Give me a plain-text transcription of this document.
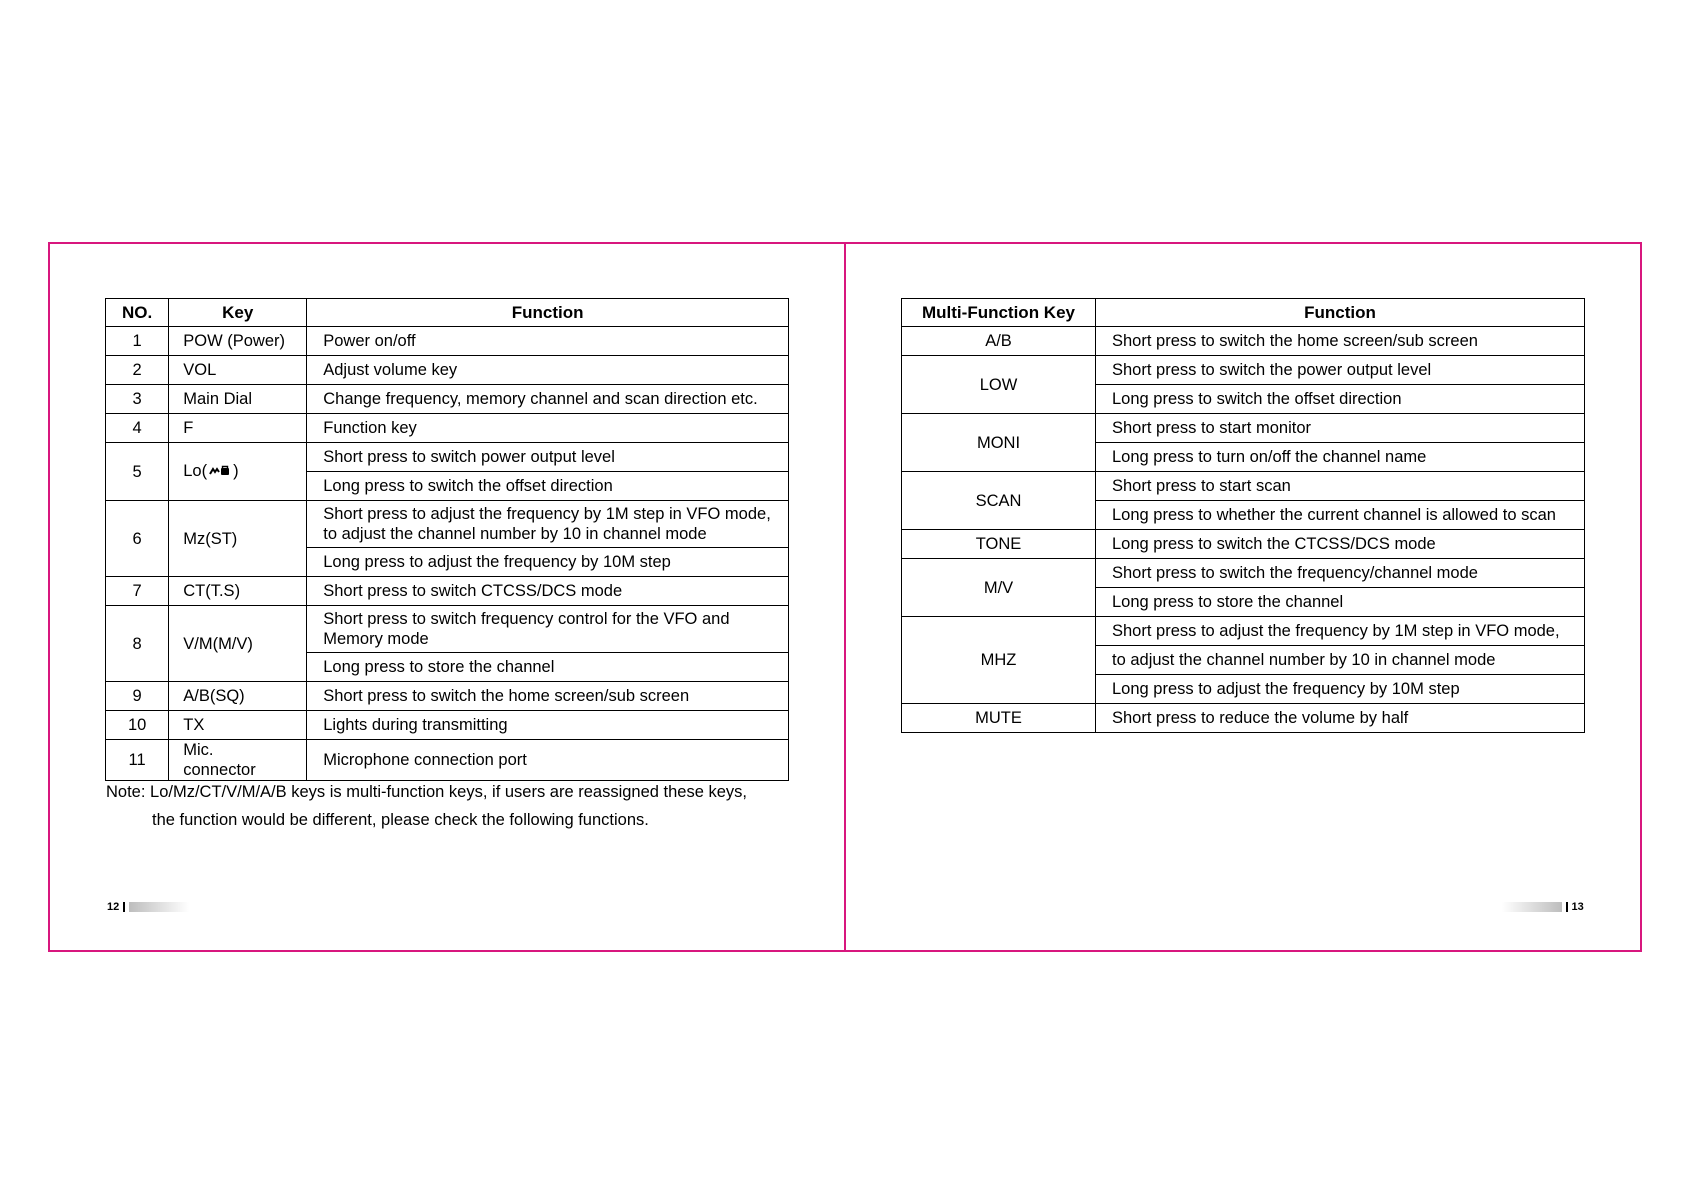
NO.	Key	Function
1	POW (Power)	Power on/off
2	VOL	Adjust volume key
3	Main Dial	Change frequency, memory channel and scan direction etc.
4	F	Function key
5	Lo( )	Short press to switch power output level
		Long press to switch the offset direction
6	Mz(ST)	Short press to adjust the frequency by 1M step in VFO mode,
to adjust the channel number by 10 in channel mode

		Long press to adjust the frequency by 10M step
7	CT(T.S)	Short press to switch CTCSS/DCS mode
8	V/M(M/V)	Short press to switch frequency control for the VFO and
Memory mode

		Long press to store the channel
9	A/B(SQ)	Short press to switch the home screen/sub screen
10	TX	Lights during transmitting
11	Mic. connector	Microphone connection port
Note: Lo/Mz/CT/V/M/A/B keys is multi-function keys, if users are reassigned these keys,
the function would be different, please check the following functions.
Multi-Function Key	Function
A/B	Short press to switch the home screen/sub screen
LOW	Short press to switch the power output level
	Long press to switch the offset direction
MONI	Short press to start monitor
	Long press to turn on/off the channel name
SCAN	Short press to start scan
	Long press to whether the current channel is allowed to scan
TONE	Long press to switch the CTCSS/DCS mode
M/V	Short press to switch the frequency/channel mode
	Long press to store the channel
MHZ	Short press to adjust the frequency by 1M step in VFO mode,
	to adjust the channel number by 10 in channel mode
	Long press to adjust the frequency by 10M step
MUTE	Short press to reduce the volume by half
12	13
